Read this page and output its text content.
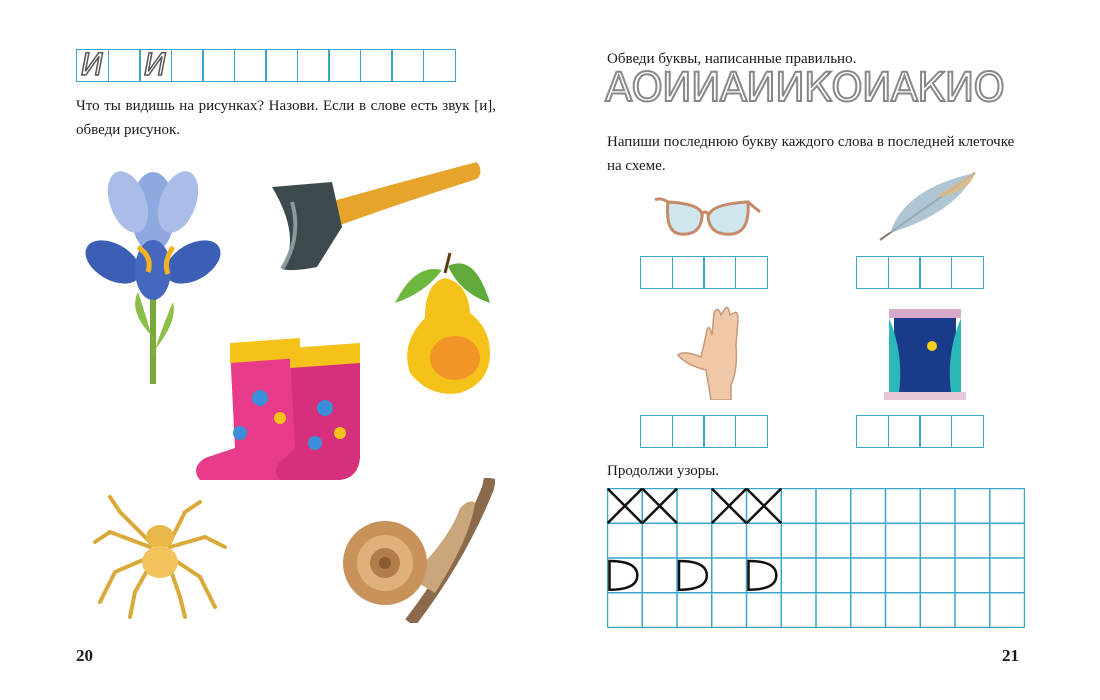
И И
Что ты видишь на рисунках? Назови. Если в слове есть звук [и], обведи рисунок.
20
Обведи буквы, написанные правильно.
ΑΟИИАИИКОИАКИО
Напиши последнюю букву каждого слова в последней клеточке на схеме.
Продолжи узоры.
21
